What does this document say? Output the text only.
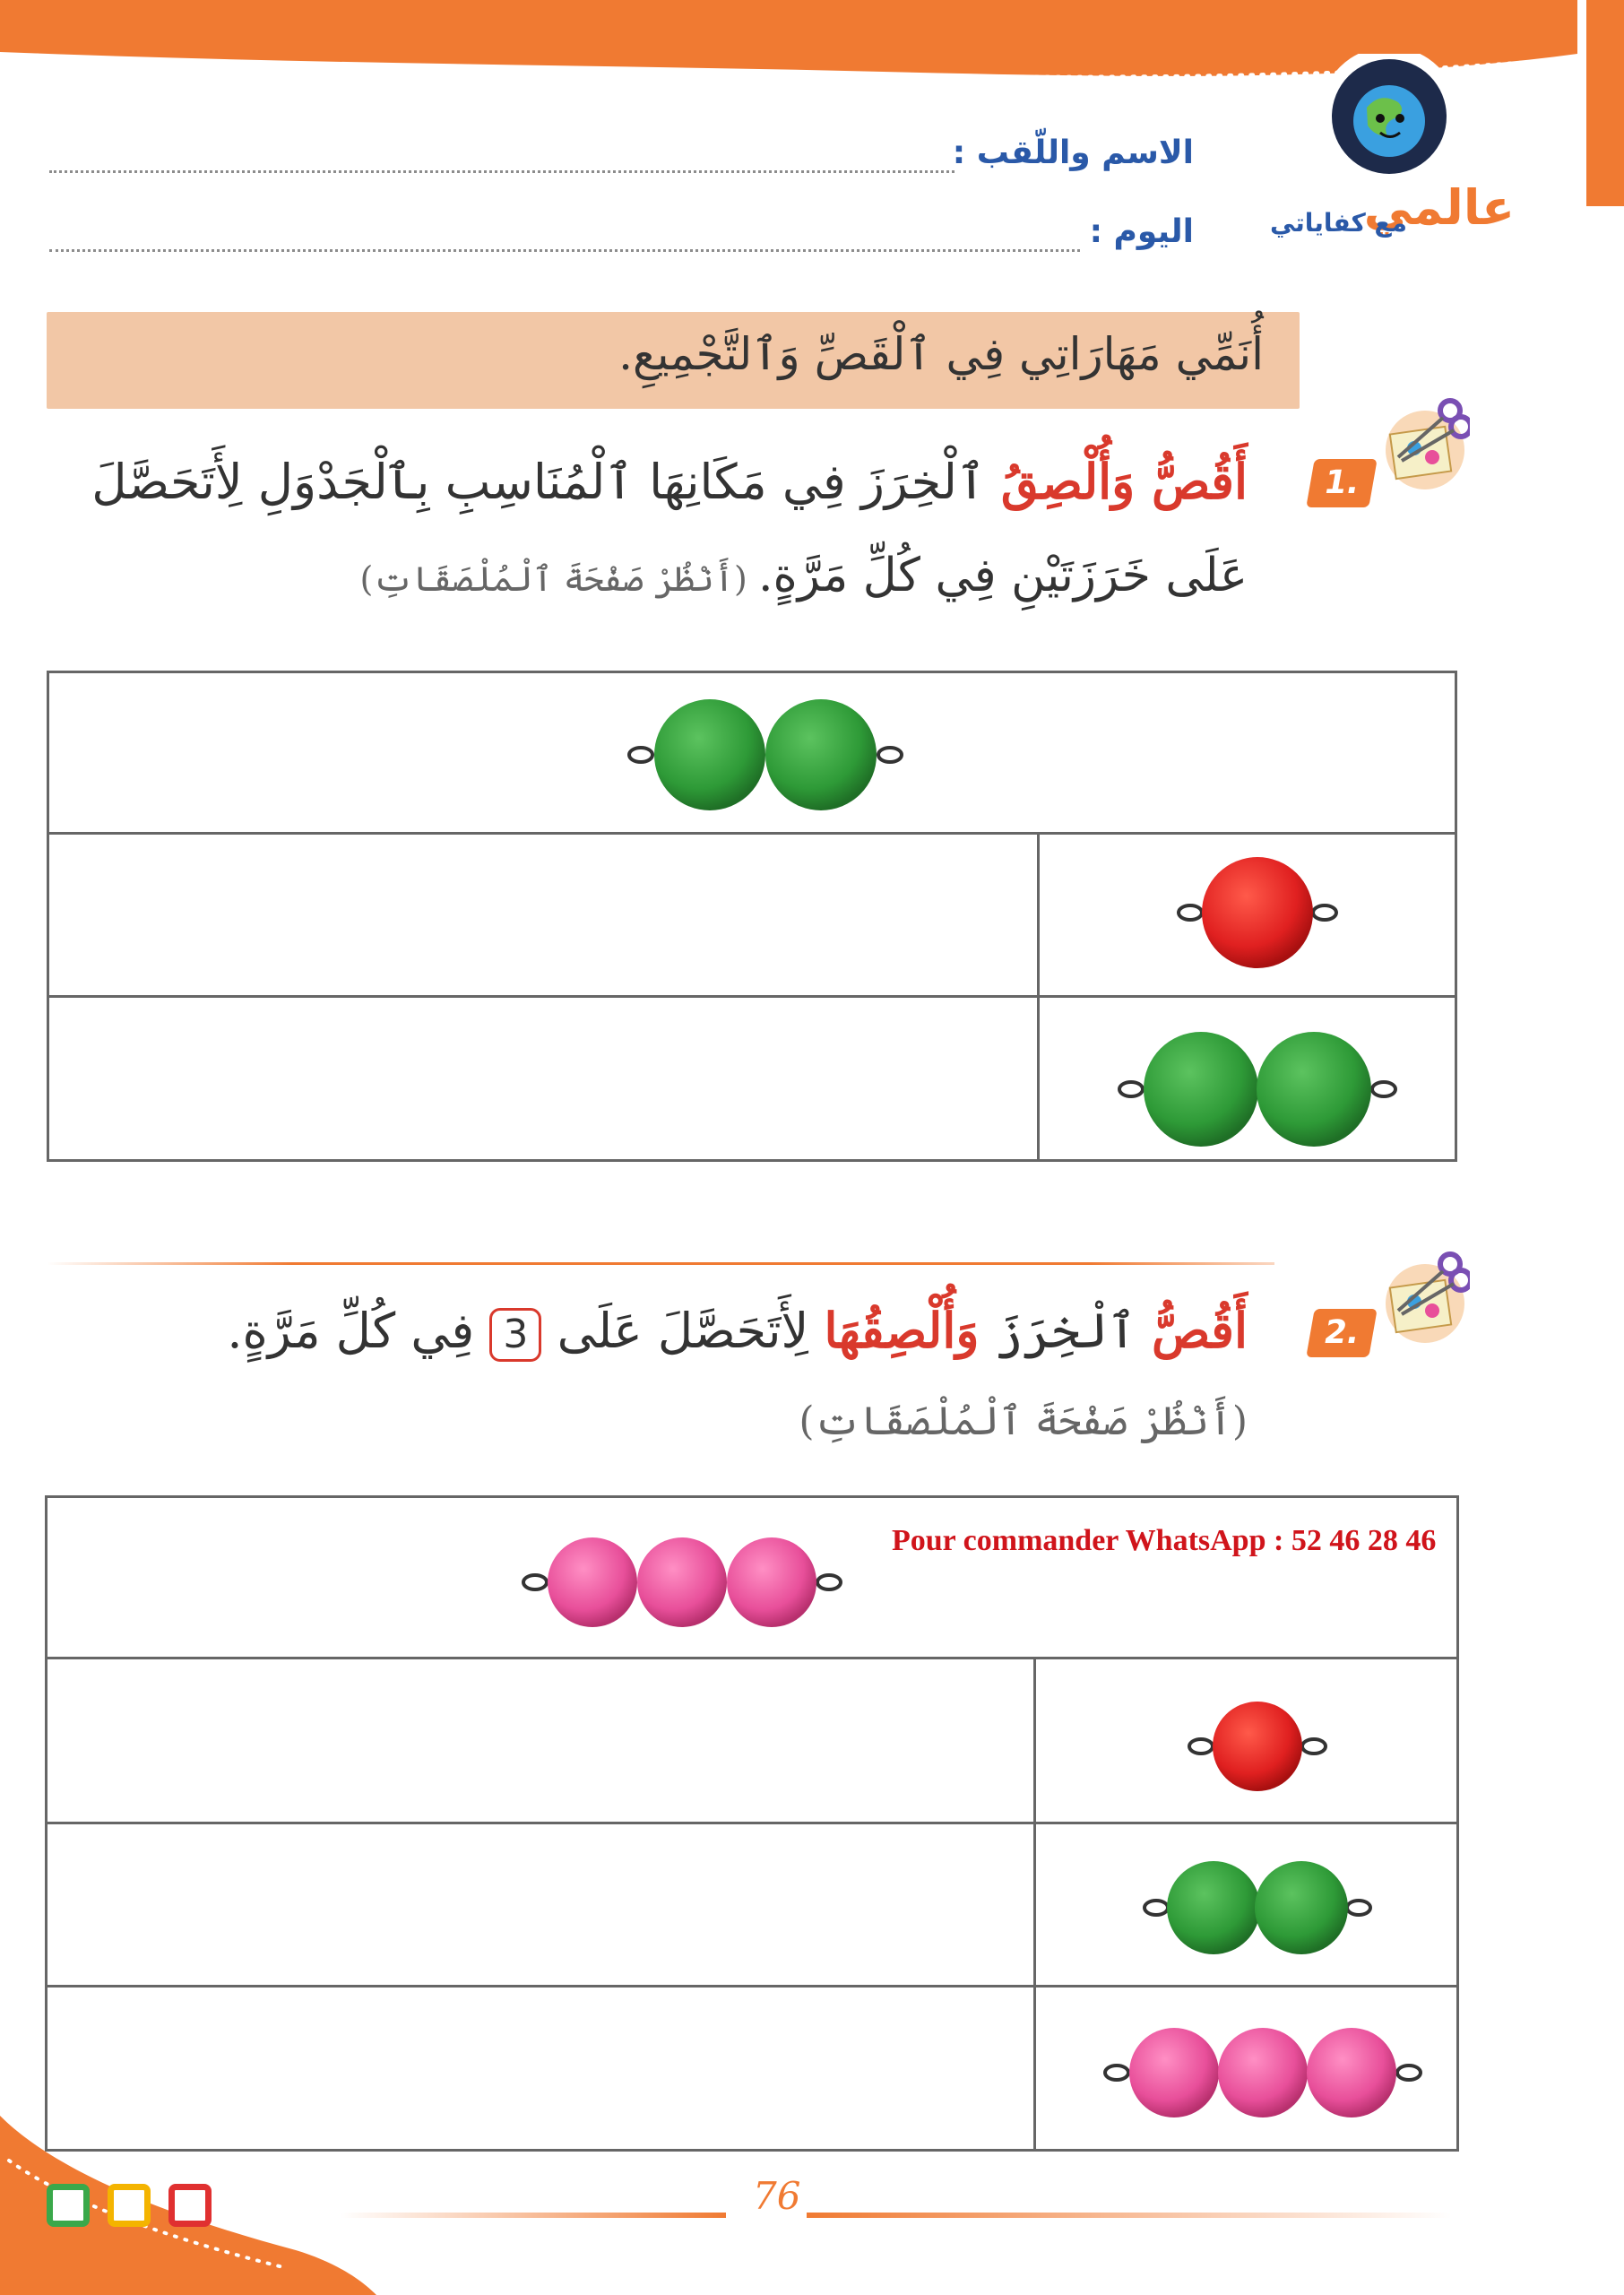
عالمي
مع كفاياتي
الاسم واللّقب :
اليوم :
أُنَمِّي مَهَارَاتِي فِي ٱلْقَصِّ وَٱلتَّجْمِيعِ.
1.
أَقُصُّ وَأُلْصِقُ ٱلْخِرَزَ فِي مَكَانِهَا ٱلْمُنَاسِبِ بِٱلْجَدْوَلِ لِأَتَحَصَّلَ
عَلَى خَرَزَتَيْنِ فِي كُلِّ مَرَّةٍ. (أَنْظُرْ صَفْحَةَ ٱلْمُلْصَقَاتِ)
2.
أَقُصُّ ٱلْخِرَزَ وَأُلْصِقُهَا لِأَتَحَصَّلَ عَلَى 3 فِي كُلِّ مَرَّةٍ.
(أَنْظُرْ صَفْحَةَ ٱلْمُلْصَقَاتِ)
Pour commander WhatsApp : 52 46 28 46
76
